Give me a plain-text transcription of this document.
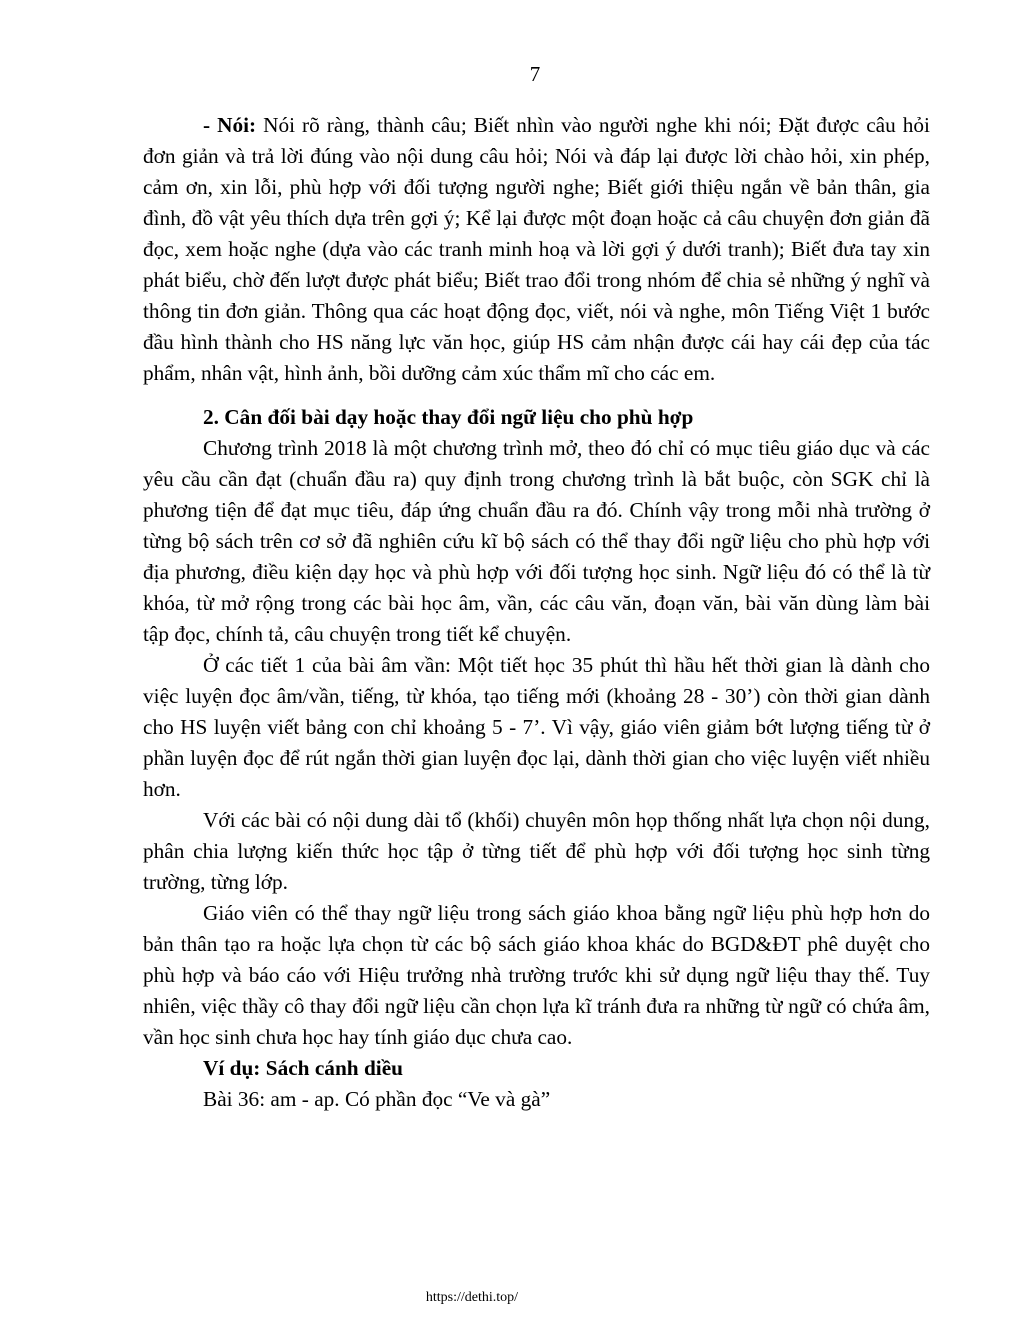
7

- Nói: Nói rõ ràng, thành câu; Biết nhìn vào người nghe khi nói; Đặt được câu hỏi đơn giản và trả lời đúng vào nội dung câu hỏi; Nói và đáp lại được lời chào hỏi, xin phép, cảm ơn, xin lỗi, phù hợp với đối tượng người nghe; Biết giới thiệu ngắn về bản thân, gia đình, đồ vật yêu thích dựa trên gợi ý; Kể lại được một đoạn hoặc cả câu chuyện đơn giản đã đọc, xem hoặc nghe (dựa vào các tranh minh hoạ và lời gợi ý dưới tranh); Biết đưa tay xin phát biểu, chờ đến lượt được phát biểu; Biết trao đổi trong nhóm để chia sẻ những ý nghĩ và thông tin đơn giản. Thông qua các hoạt động đọc, viết, nói và nghe, môn Tiếng Việt 1 bước đầu hình thành cho HS năng lực văn học, giúp HS cảm nhận được cái hay cái đẹp của tác phẩm, nhân vật, hình ảnh, bồi dưỡng cảm xúc thẩm mĩ cho các em.

2. Cân đối bài dạy hoặc thay đổi ngữ liệu cho phù hợp

Chương trình 2018 là một chương trình mở, theo đó chỉ có mục tiêu giáo dục và các yêu cầu cần đạt (chuẩn đầu ra) quy định trong chương trình là bắt buộc, còn SGK chỉ là phương tiện để đạt mục tiêu, đáp ứng chuẩn đầu ra đó. Chính vậy trong mỗi nhà trường ở từng bộ sách trên cơ sở đã nghiên cứu kĩ bộ sách có thể thay đổi ngữ liệu cho phù hợp với địa phương, điều kiện dạy học và phù hợp với đối tượng học sinh. Ngữ liệu đó có thể là từ khóa, từ mở rộng trong các bài học âm, vần, các câu văn, đoạn văn, bài văn dùng làm bài tập đọc, chính tả, câu chuyện trong tiết kể chuyện.

Ở các tiết 1 của bài âm vần: Một tiết học 35 phút thì hầu hết thời gian là dành cho việc luyện đọc âm/vần, tiếng, từ khóa, tạo tiếng mới (khoảng 28 - 30’) còn thời gian dành cho HS luyện viết bảng con chỉ khoảng 5 - 7’. Vì vậy, giáo viên giảm bớt lượng tiếng từ ở phần luyện đọc để rút ngắn thời gian luyện đọc lại, dành thời gian cho việc luyện viết nhiều hơn.

Với các bài có nội dung dài tổ (khối) chuyên môn họp thống nhất lựa chọn nội dung, phân chia lượng kiến thức học tập ở từng tiết để phù hợp với đối tượng học sinh từng trường, từng lớp.

Giáo viên có thể thay ngữ liệu trong sách giáo khoa bằng ngữ liệu phù hợp hơn do bản thân tạo ra hoặc lựa chọn từ các bộ sách giáo khoa khác do BGD&ĐT phê duyệt cho phù hợp và báo cáo với Hiệu trưởng nhà trường trước khi sử dụng ngữ liệu thay thế. Tuy nhiên, việc thầy cô thay đổi ngữ liệu cần chọn lựa kĩ tránh đưa ra những từ ngữ có chứa âm, vần học sinh chưa học hay tính giáo dục chưa cao.

Ví dụ: Sách cánh diều

Bài 36: am - ap. Có phần đọc “Ve và gà”

https://dethi.top/
